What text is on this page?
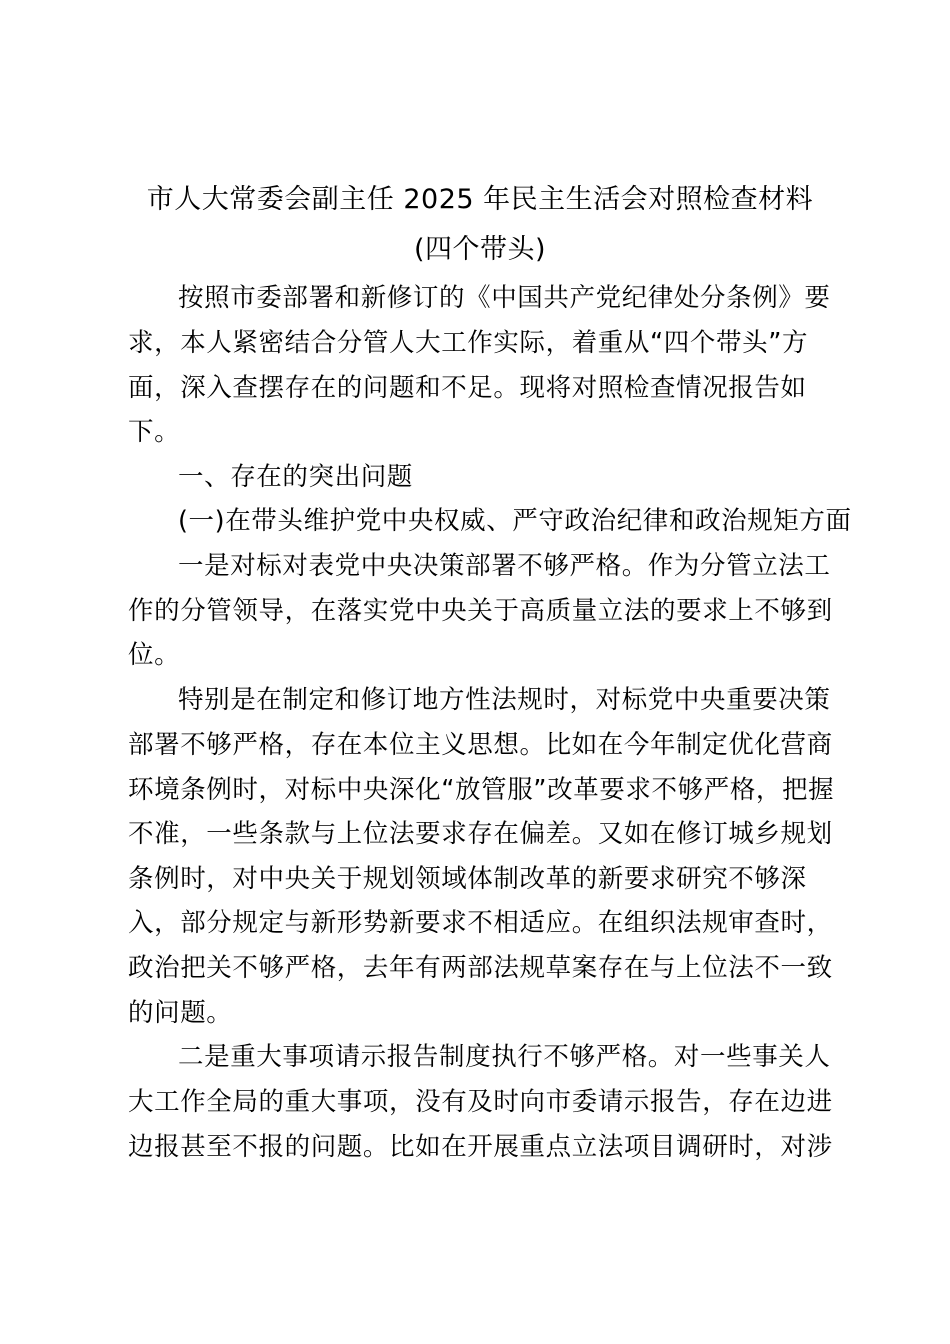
市人大常委会副主任 2025 年民主生活会对照检查材料
(四个带头)
按照市委部署和新修订的《中国共产党纪律处分条例》要
求，本人紧密结合分管人大工作实际，着重从“四个带头”方
面，深入查摆存在的问题和不足。现将对照检查情况报告如
下。
一、存在的突出问题
(一)在带头维护党中央权威、严守政治纪律和政治规矩方面
一是对标对表党中央决策部署不够严格。作为分管立法工
作的分管领导，在落实党中央关于高质量立法的要求上不够到
位。
特别是在制定和修订地方性法规时，对标党中央重要决策
部署不够严格，存在本位主义思想。比如在今年制定优化营商
环境条例时，对标中央深化“放管服”改革要求不够严格，把握
不准，一些条款与上位法要求存在偏差。又如在修订城乡规划
条例时，对中央关于规划领域体制改革的新要求研究不够深
入，部分规定与新形势新要求不相适应。在组织法规审查时，
政治把关不够严格，去年有两部法规草案存在与上位法不一致
的问题。
二是重大事项请示报告制度执行不够严格。对一些事关人
大工作全局的重大事项，没有及时向市委请示报告，存在边进
边报甚至不报的问题。比如在开展重点立法项目调研时，对涉
